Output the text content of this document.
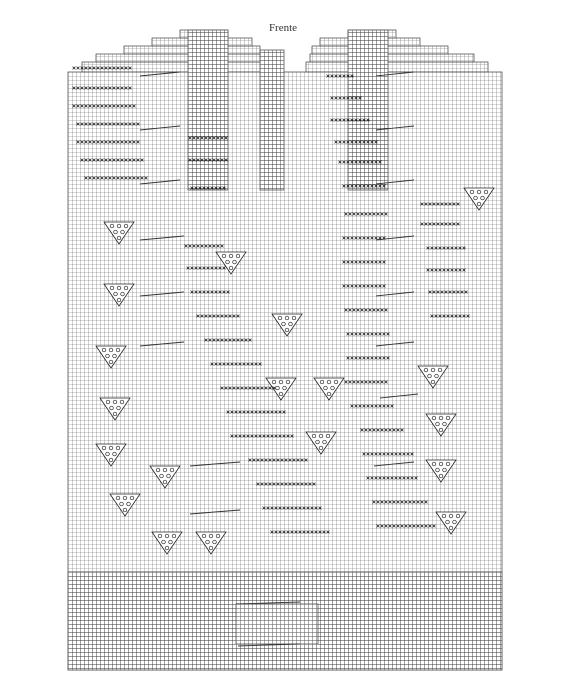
Frente
